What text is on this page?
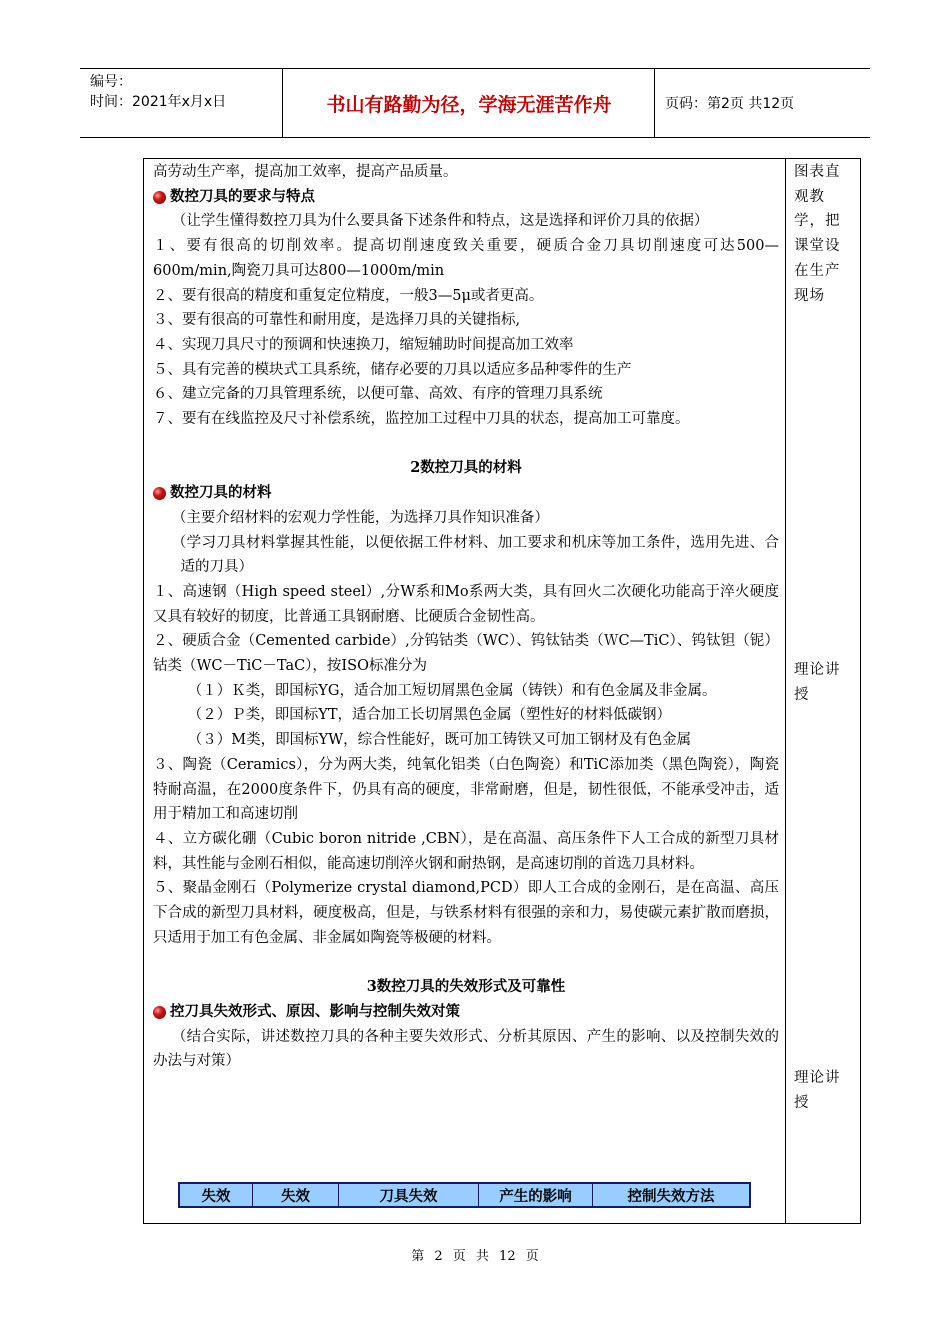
编号：
时间：2021年x月x日	书山有路勤为径，学海无涯苦作舟	页码：第2页 共12页

高劳动生产率，提高加工效率，提高产品质量。

数控刀具的要求与特点

（让学生懂得数控刀具为什么要具备下述条件和特点，这是选择和评价刀具的依据）

１、要有很高的切削效率。提高切削速度致关重要，硬质合金刀具切削速度可达500—600m/min,陶瓷刀具可达800—1000m/min

２、要有很高的精度和重复定位精度，一般3—5μ或者更高。

３、要有很高的可靠性和耐用度，是选择刀具的关键指标,

４、实现刀具尺寸的预调和快速换刀，缩短辅助时间提高加工效率

５、具有完善的模块式工具系统，储存必要的刀具以适应多品种零件的生产

６、建立完备的刀具管理系统，以便可靠、高效、有序的管理刀具系统

７、要有在线监控及尺寸补偿系统，监控加工过程中刀具的状态，提高加工可靠度。

2数控刀具的材料

数控刀具的材料

（主要介绍材料的宏观力学性能，为选择刀具作知识准备）

（学习刀具材料掌握其性能，以便依据工件材料、加工要求和机床等加工条件，选用先进、合适的刀具）

１、高速钢（High speed steel）,分W系和Mo系两大类，具有回火二次硬化功能高于淬火硬度又具有较好的韧度，比普通工具钢耐磨、比硬质合金韧性高。

２、硬质合金（Cemented carbide）,分钨钴类（WC）、钨钛钴类（ＷC—TiC）、钨钛钽（铌）钴类（WC－TiC－TaC），按ISO标准分为

（１）Ｋ类，即国标YG，适合加工短切屑黑色金属（铸铁）和有色金属及非金属。

（２）Ｐ类，即国标YT，适合加工长切屑黑色金属（塑性好的材料低碳钢）

（３）M类，即国标YW，综合性能好，既可加工铸铁又可加工钢材及有色金属

３、陶瓷（Ceramics），分为两大类，纯氧化铝类（白色陶瓷）和TiC添加类（黑色陶瓷），陶瓷特耐高温，在2000度条件下，仍具有高的硬度，非常耐磨，但是，韧性很低，不能承受冲击，适用于精加工和高速切削

４、立方碳化硼（Cubic boron nitride ,CBN），是在高温、高压条件下人工合成的新型刀具材料，其性能与金刚石相似，能高速切削淬火钢和耐热钢，是高速切削的首选刀具材料。

５、聚晶金刚石（Polymerize crystal diamond,PCD）即人工合成的金刚石，是在高温、高压下合成的新型刀具材料，硬度极高，但是，与铁系材料有很强的亲和力，易使碳元素扩散而磨损，只适用于加工有色金属、非金属如陶瓷等极硬的材料。

3数控刀具的失效形式及可靠性

控刀具失效形式、原因、影响与控制失效对策

（结合实际，讲述数控刀具的各种主要失效形式、分析其原因、产生的影响、以及控制失效的办法与对策）

图表直观教学，把课堂设在生产现场
理论讲授
理论讲授
失效	失效	刀具失效	产生的影响	控制失效方法
第 2 页 共 12 页
